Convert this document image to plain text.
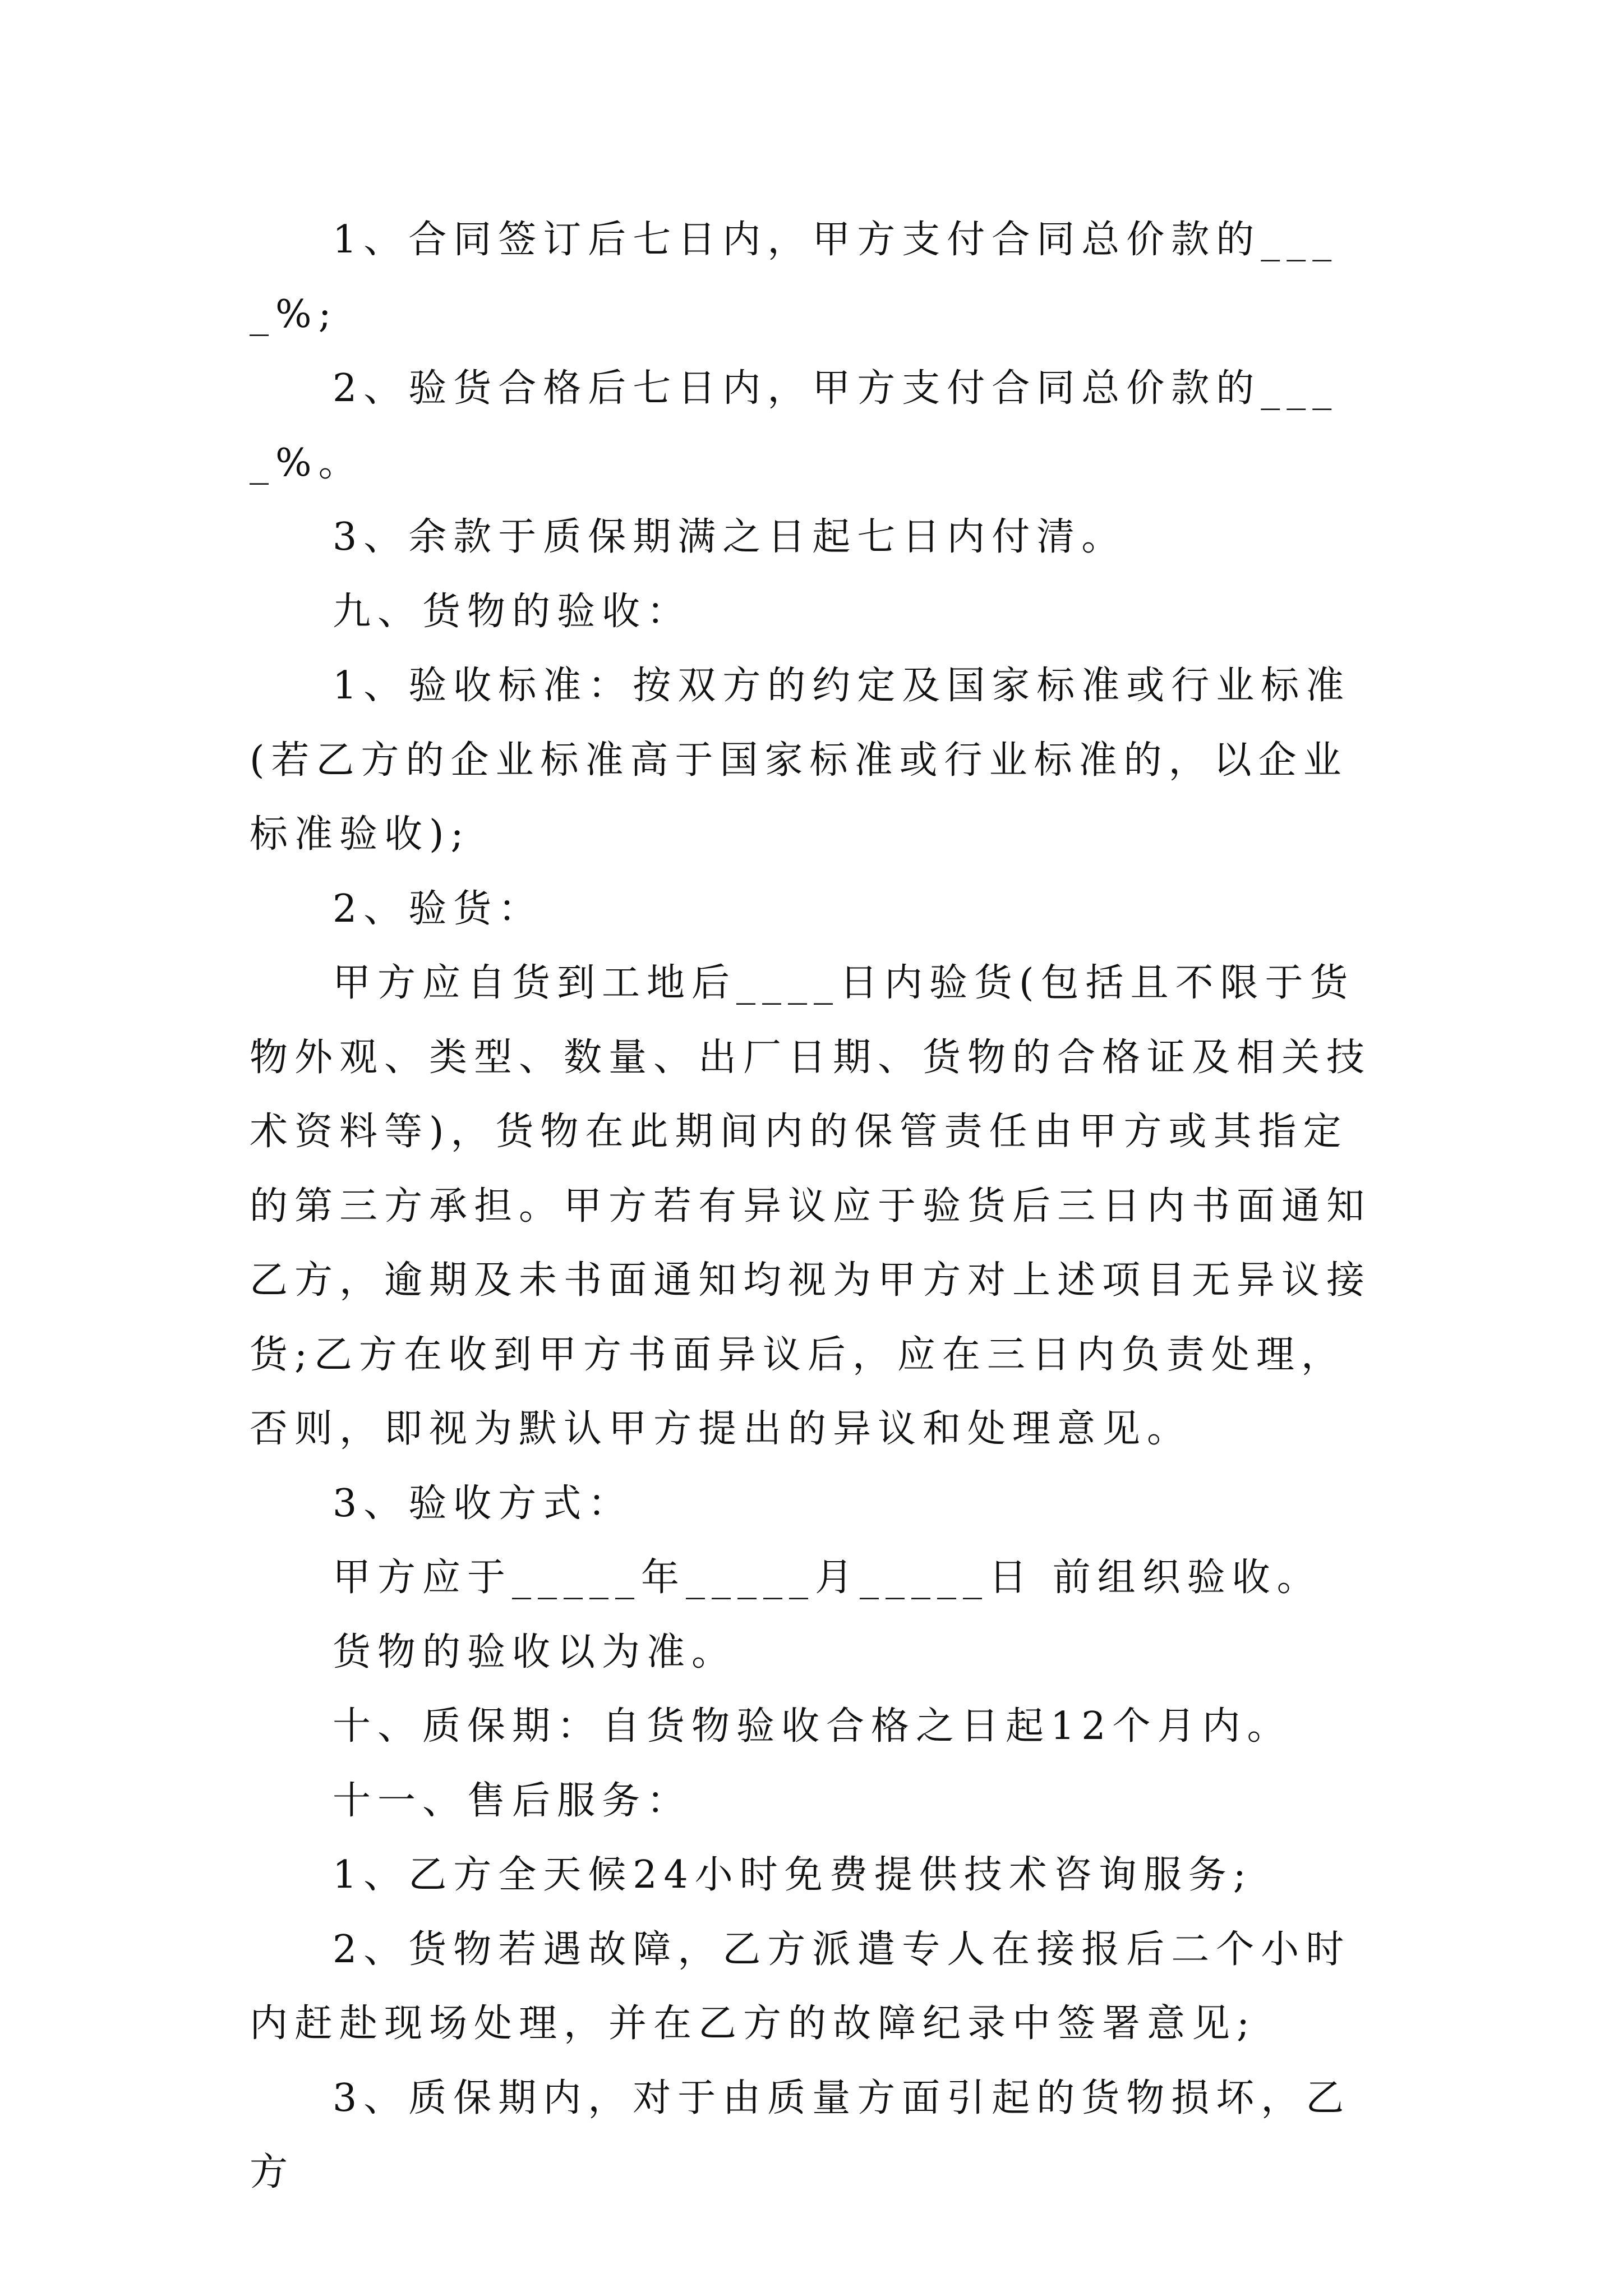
1、合同签订后七日内，甲方支付合同总价款的____%;

2、验货合格后七日内，甲方支付合同总价款的____%。

3、余款于质保期满之日起七日内付清。

九、货物的验收：

1、验收标准：按双方的约定及国家标准或行业标准(若乙方的企业标准高于国家标准或行业标准的，以企业标准验收);

2、验货：

甲方应自货到工地后____日内验货(包括且不限于货物外观、类型、数量、出厂日期、货物的合格证及相关技术资料等)，货物在此期间内的保管责任由甲方或其指定的第三方承担。甲方若有异议应于验货后三日内书面通知乙方，逾期及未书面通知均视为甲方对上述项目无异议接货;乙方在收到甲方书面异议后，应在三日内负责处理，否则，即视为默认甲方提出的异议和处理意见。

3、验收方式：

甲方应于_____年_____月_____日 前组织验收。

货物的验收以为准。

十、质保期：自货物验收合格之日起12个月内。

十一、售后服务：

1、乙方全天候24小时免费提供技术咨询服务;

2、货物若遇故障，乙方派遣专人在接报后二个小时内赶赴现场处理，并在乙方的故障纪录中签署意见;

3、质保期内，对于由质量方面引起的货物损坏，乙方
